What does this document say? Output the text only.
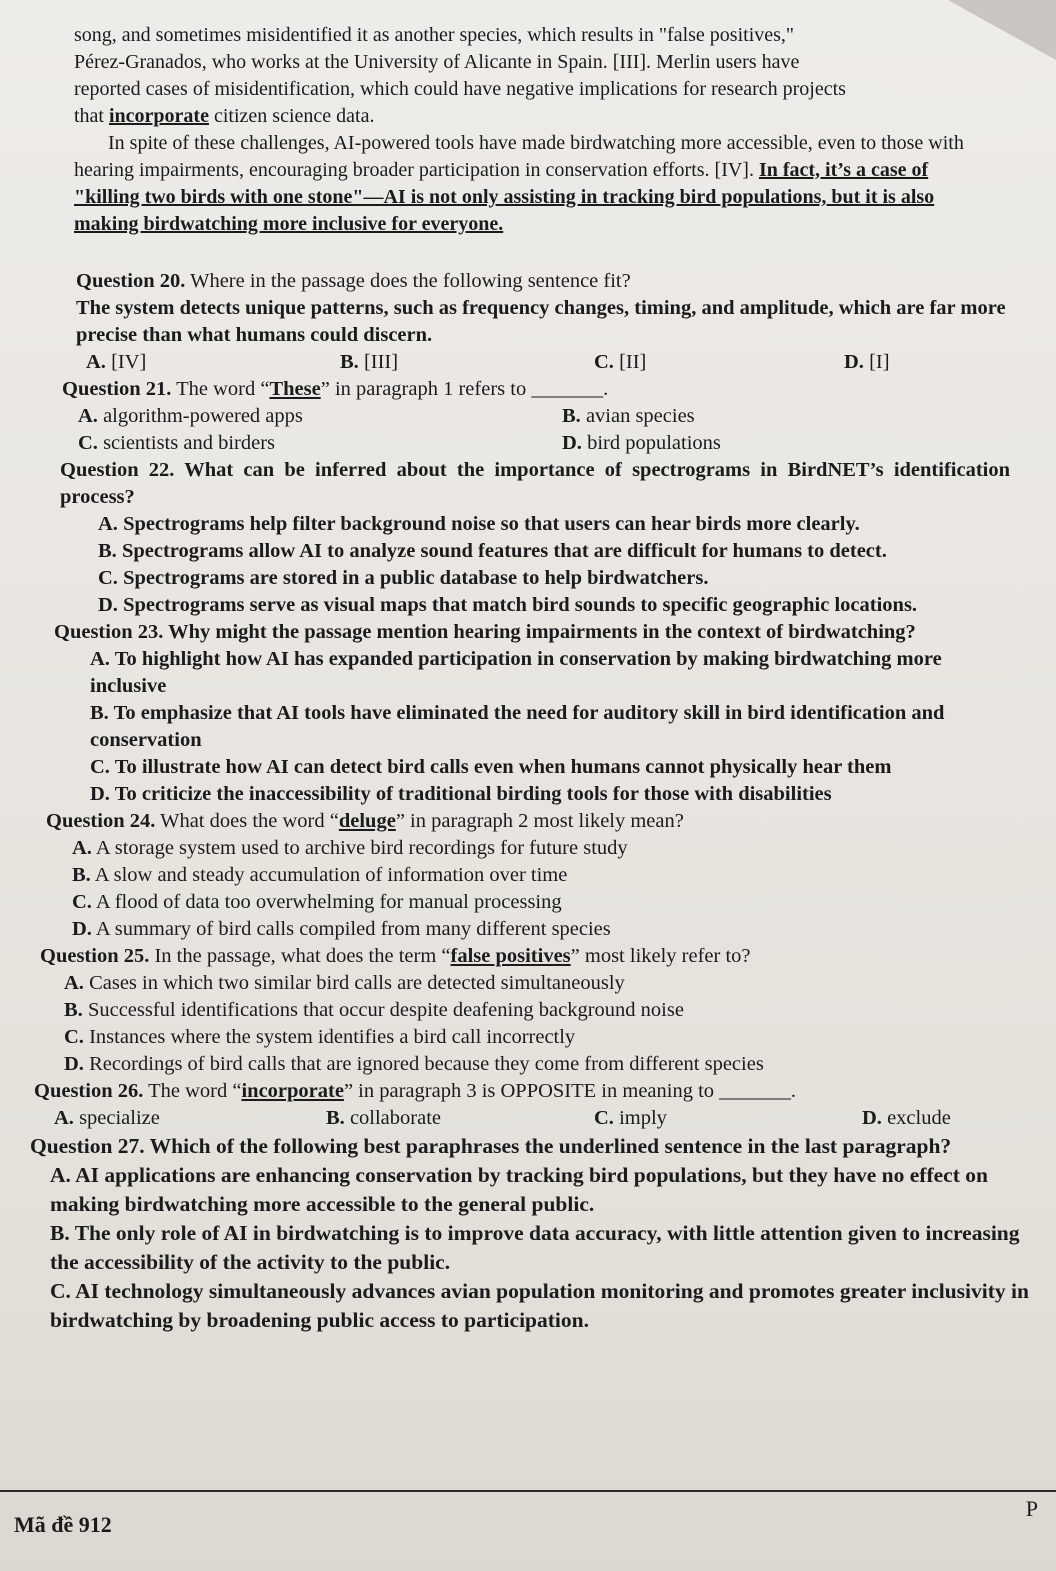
song, and sometimes misidentified it as another species, which results in "false positives,"

Pérez-Granados, who works at the University of Alicante in Spain. [III]. Merlin users have

reported cases of misidentification, which could have negative implications for research projects

that incorporate citizen science data.

In spite of these challenges, AI-powered tools have made birdwatching more accessible, even to those with hearing impairments, encouraging broader participation in conservation efforts. [IV]. In fact, it’s a case of "killing two birds with one stone"—AI is not only assisting in tracking bird populations, but it is also making birdwatching more inclusive for everyone.

Question 20. Where in the passage does the following sentence fit?

The system detects unique patterns, such as frequency changes, timing, and amplitude, which are far more precise than what humans could discern.

A. [IV]	B. [III]	C. [II]	D. [I]

Question 21. The word “These” in paragraph 1 refers to _______.

A. algorithm-powered apps	B. avian species
C. scientists and birders	D. bird populations

Question 22. What can be inferred about the importance of spectrograms in BirdNET’s identification process?

A. Spectrograms help filter background noise so that users can hear birds more clearly.
B. Spectrograms allow AI to analyze sound features that are difficult for humans to detect.
C. Spectrograms are stored in a public database to help birdwatchers.
D. Spectrograms serve as visual maps that match bird sounds to specific geographic locations.

Question 23. Why might the passage mention hearing impairments in the context of birdwatching?

A. To highlight how AI has expanded participation in conservation by making birdwatching more inclusive
B. To emphasize that AI tools have eliminated the need for auditory skill in bird identification and conservation
C. To illustrate how AI can detect bird calls even when humans cannot physically hear them
D. To criticize the inaccessibility of traditional birding tools for those with disabilities

Question 24. What does the word “deluge” in paragraph 2 most likely mean?

A. A storage system used to archive bird recordings for future study
B. A slow and steady accumulation of information over time
C. A flood of data too overwhelming for manual processing
D. A summary of bird calls compiled from many different species

Question 25. In the passage, what does the term “false positives” most likely refer to?

A. Cases in which two similar bird calls are detected simultaneously
B. Successful identifications that occur despite deafening background noise
C. Instances where the system identifies a bird call incorrectly
D. Recordings of bird calls that are ignored because they come from different species

Question 26. The word “incorporate” in paragraph 3 is OPPOSITE in meaning to _______.

A. specialize	B. collaborate	C. imply	D. exclude

Question 27. Which of the following best paraphrases the underlined sentence in the last paragraph?

A. AI applications are enhancing conservation by tracking bird populations, but they have no effect on making birdwatching more accessible to the general public.
B. The only role of AI in birdwatching is to improve data accuracy, with little attention given to increasing the accessibility of the activity to the public.
C. AI technology simultaneously advances avian population monitoring and promotes greater inclusivity in birdwatching by broadening public access to participation.
Mã đề 912
P
